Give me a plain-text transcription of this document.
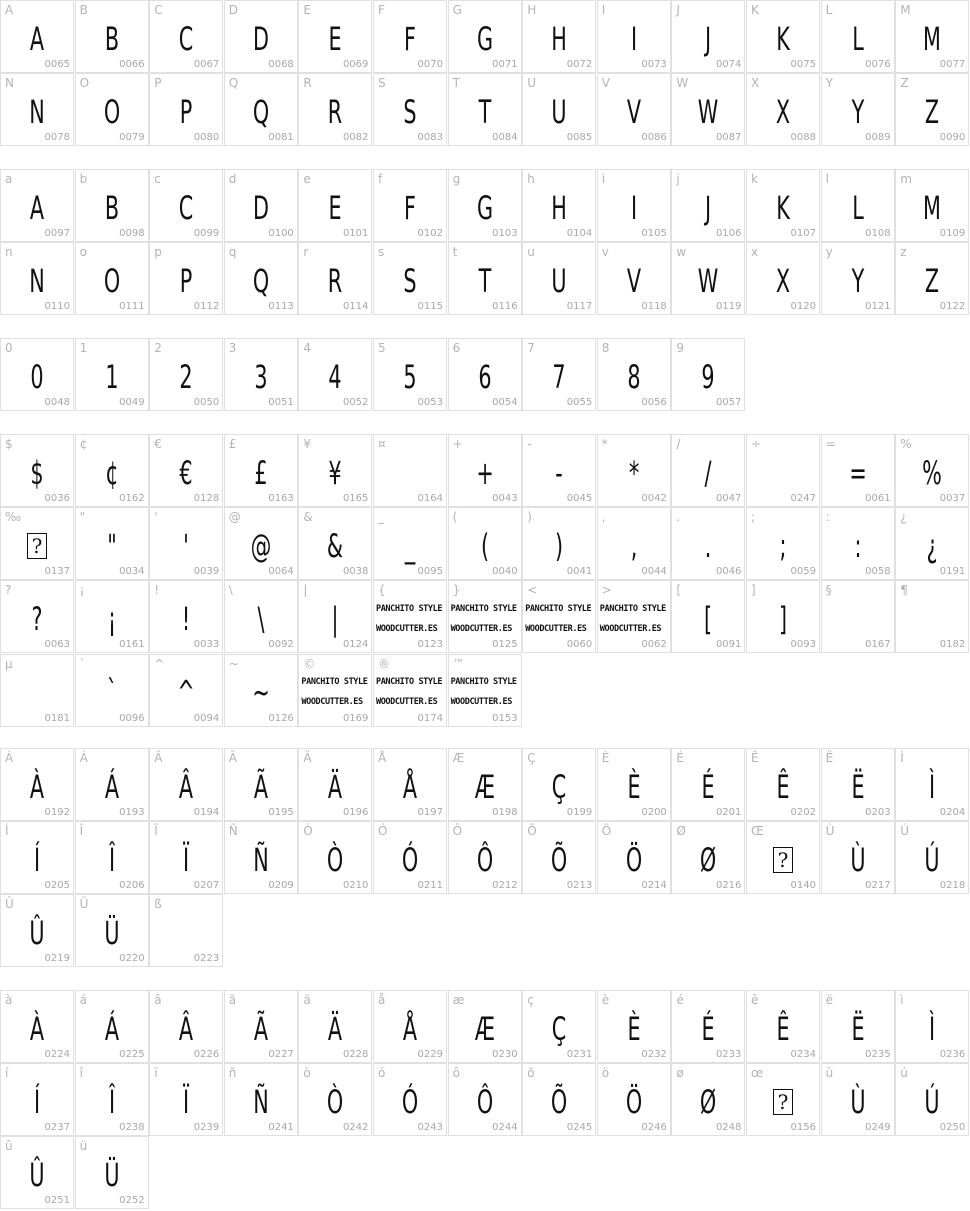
A
A
0065
B
B
0066
C
C
0067
D
D
0068
E
E
0069
F
F
0070
G
G
0071
H
H
0072
I
I
0073
J
J
0074
K
K
0075
L
L
0076
M
M
0077
N
N
0078
O
O
0079
P
P
0080
Q
Q
0081
R
R
0082
S
S
0083
T
T
0084
U
U
0085
V
V
0086
W
W
0087
X
X
0088
Y
Y
0089
Z
Z
0090
a
A
0097
b
B
0098
c
C
0099
d
D
0100
e
E
0101
f
F
0102
g
G
0103
h
H
0104
i
I
0105
j
J
0106
k
K
0107
l
L
0108
m
M
0109
n
N
0110
o
O
0111
p
P
0112
q
Q
0113
r
R
0114
s
S
0115
t
T
0116
u
U
0117
v
V
0118
w
W
0119
x
X
0120
y
Y
0121
z
Z
0122
0
0
0048
1
1
0049
2
2
0050
3
3
0051
4
4
0052
5
5
0053
6
6
0054
7
7
0055
8
8
0056
9
9
0057
$
$
0036
¢
¢
0162
€
€
0128
£
£
0163
¥
¥
0165
¤
0164
+
+
0043
-
-
0045
*
*
0042
/
/
0047
÷
0247
=
=
0061
%
%
0037
‰
?
0137
"
"
0034
'
'
0039
@
@
0064
&
&
0038
_
_
0095
(
(
0040
)
)
0041
,
,
0044
.
.
0046
;
;
0059
:
:
0058
¿
¿
0191
?
?
0063
¡
¡
0161
!
!
0033
\
\
0092
|
|
0124
{
PANCHITO STYLE
WOODCUTTER.ES
0123
}
PANCHITO STYLE
WOODCUTTER.ES
0125
<
PANCHITO STYLE
WOODCUTTER.ES
0060
>
PANCHITO STYLE
WOODCUTTER.ES
0062
[
[
0091
]
]
0093
§
0167
¶
0182
µ
0181
`
`
0096
^
^
0094
~
~
0126
©
PANCHITO STYLE
WOODCUTTER.ES
0169
®
PANCHITO STYLE
WOODCUTTER.ES
0174
™
PANCHITO STYLE
WOODCUTTER.ES
0153
À
À
0192
Á
Á
0193
Â
Â
0194
Ã
Ã
0195
Ä
Ä
0196
Å
Å
0197
Æ
Æ
0198
Ç
Ç
0199
È
È
0200
É
É
0201
Ê
Ê
0202
Ë
Ë
0203
Ì
Ì
0204
Í
Í
0205
Î
Î
0206
Ï
Ï
0207
Ñ
Ñ
0209
Ò
Ò
0210
Ó
Ó
0211
Ô
Ô
0212
Õ
Õ
0213
Ö
Ö
0214
Ø
Ø
0216
Œ
?
0140
Ù
Ù
0217
Ú
Ú
0218
Û
Û
0219
Ü
Ü
0220
ß
0223
à
À
0224
á
Á
0225
â
Â
0226
ã
Ã
0227
ä
Ä
0228
å
Å
0229
æ
Æ
0230
ç
Ç
0231
è
È
0232
é
É
0233
ê
Ê
0234
ë
Ë
0235
ì
Ì
0236
í
Í
0237
î
Î
0238
ï
Ï
0239
ñ
Ñ
0241
ò
Ò
0242
ó
Ó
0243
ô
Ô
0244
õ
Õ
0245
ö
Ö
0246
ø
Ø
0248
œ
?
0156
ù
Ù
0249
ú
Ú
0250
û
Û
0251
ü
Ü
0252
